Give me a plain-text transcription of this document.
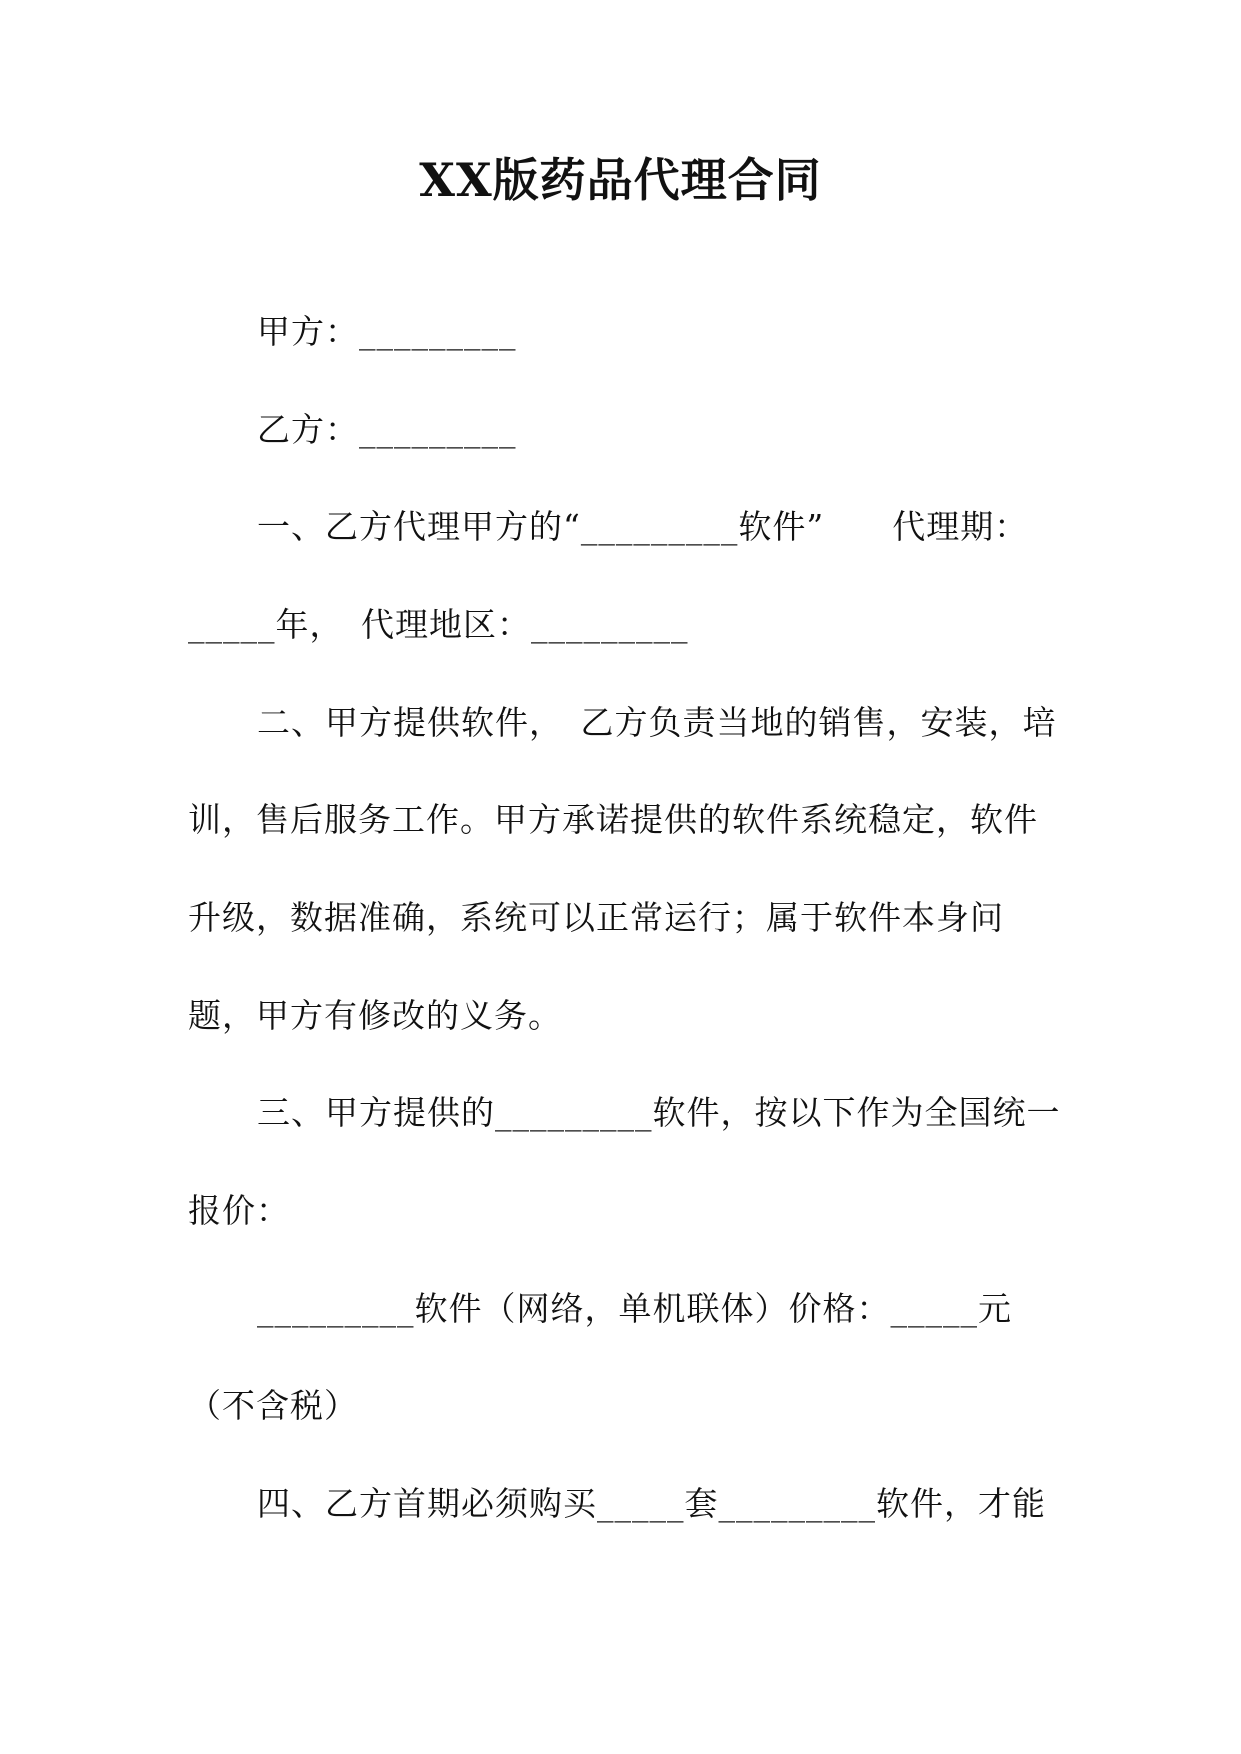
XX版药品代理合同
甲方：_________
乙方：_________
一、乙方代理甲方的“_________软件”　　代理期：
_____年，　代理地区：_________
二、甲方提供软件，　乙方负责当地的销售，安装，培
训，售后服务工作。甲方承诺提供的软件系统稳定，软件
升级，数据准确，系统可以正常运行；属于软件本身问
题，甲方有修改的义务。
三、甲方提供的_________软件，按以下作为全国统一
报价：
_________软件（网络，单机联体）价格：_____元
（不含税）
四、乙方首期必须购买_____套_________软件，才能
